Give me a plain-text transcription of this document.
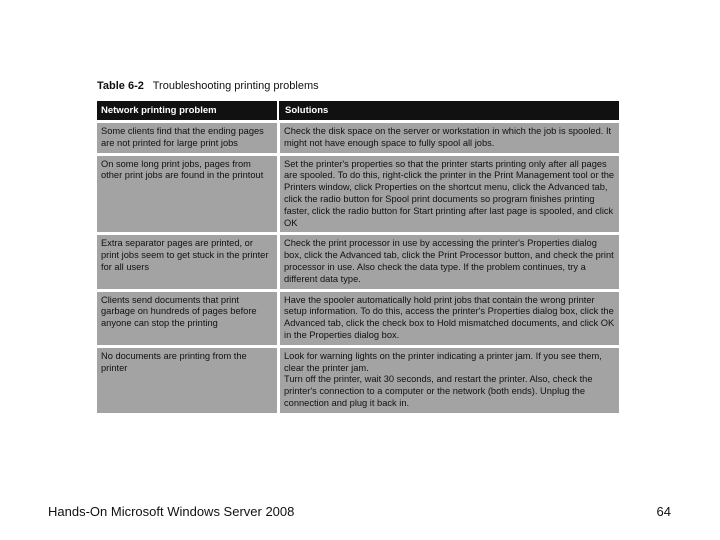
Table 6-2 Troubleshooting printing problems
Network printing problem	Solutions
Some clients find that the ending pages are not printed for large print jobs

Check the disk space on the server or workstation in which the job is spooled. It might not have enough space to fully spool all jobs.

On some long print jobs, pages from other print jobs are found in the printout

Set the printer's properties so that the printer starts printing only after all pages are spooled. To do this, right-click the printer in the Print Management tool or the Printers window, click Properties on the shortcut menu, click the Advanced tab, click the radio button for Spool print documents so program finishes printing faster, click the radio button for Start printing after last page is spooled, and click OK

Extra separator pages are printed, or print jobs seem to get stuck in the printer for all users

Check the print processor in use by accessing the printer's Properties dialog box, click the Advanced tab, click the Print Processor button, and check the print processor in use. Also check the data type. If the problem continues, try a different data type.

Clients send documents that print garbage on hundreds of pages before anyone can stop the printing

Have the spooler automatically hold print jobs that contain the wrong printer setup information. To do this, access the printer's Properties dialog box, click the Advanced tab, click the check box to Hold mismatched documents, and click OK in the Properties dialog box.

No documents are printing from the printer

Look for warning lights on the printer indicating a printer jam. If you see them, clear the printer jam.

Turn off the printer, wait 30 seconds, and restart the printer. Also, check the printer's connection to a computer or the network (both ends). Unplug the connection and plug it back in.

Hands-On Microsoft Windows Server 2008	64
